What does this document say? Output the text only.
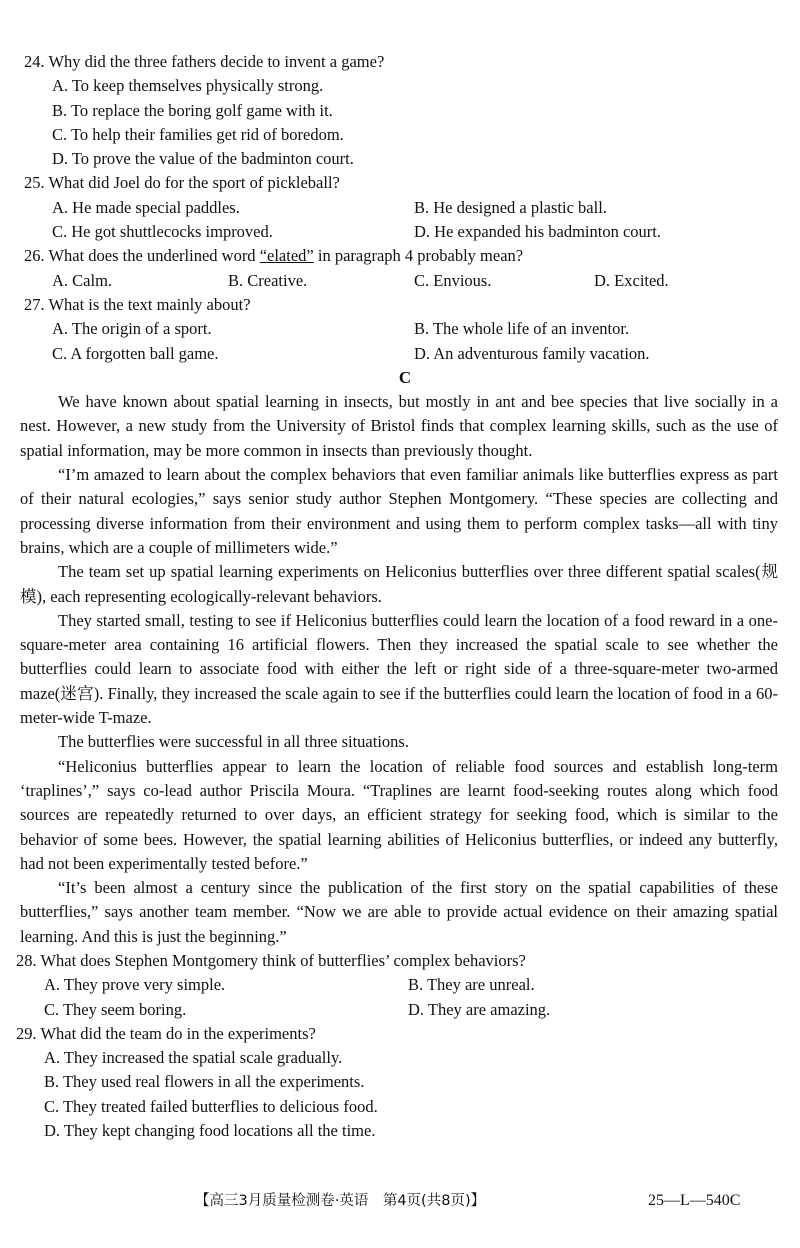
24. Why did the three fathers decide to invent a game?
A. To keep themselves physically strong.
B. To replace the boring golf game with it.
C. To help their families get rid of boredom.
D. To prove the value of the badminton court.
25. What did Joel do for the sport of pickleball?
A. He made special paddles.	B. He designed a plastic ball.
C. He got shuttlecocks improved.	D. He expanded his badminton court.
26. What does the underlined word “elated” in paragraph 4 probably mean?
A. Calm.	B. Creative.	C. Envious.	D. Excited.
27. What is the text mainly about?
A. The origin of a sport.	B. The whole life of an inventor.
C. A forgotten ball game.	D. An adventurous family vacation.
C
We have known about spatial learning in insects, but mostly in ant and bee species that live socially in a nest. However, a new study from the University of Bristol finds that complex learning skills, such as the use of spatial information, may be more common in insects than previously thought.
“I’m amazed to learn about the complex behaviors that even familiar animals like butterflies express as part of their natural ecologies,” says senior study author Stephen Montgomery. “These species are collecting and processing diverse information from their environment and using them to perform complex tasks—all with tiny brains, which are a couple of millimeters wide.”
The team set up spatial learning experiments on Heliconius butterflies over three different spatial scales(规模), each representing ecologically-relevant behaviors.
They started small, testing to see if Heliconius butterflies could learn the location of a food reward in a one-square-meter area containing 16 artificial flowers. Then they increased the spatial scale to see whether the butterflies could learn to associate food with either the left or right side of a three-square-meter two-armed maze(迷宫). Finally, they increased the scale again to see if the butterflies could learn the location of food in a 60-meter-wide T-maze.
The butterflies were successful in all three situations.
“Heliconius butterflies appear to learn the location of reliable food sources and establish long-term ‘traplines’,” says co-lead author Priscila Moura. “Traplines are learnt food-seeking routes along which food sources are repeatedly returned to over days, an efficient strategy for seeking food, which is similar to the behavior of some bees. However, the spatial learning abilities of Heliconius butterflies, or indeed any butterfly, had not been experimentally tested before.”
“It’s been almost a century since the publication of the first story on the spatial capabilities of these butterflies,” says another team member. “Now we are able to provide actual evidence on their amazing spatial learning. And this is just the beginning.”
28. What does Stephen Montgomery think of butterflies’ complex behaviors?
A. They prove very simple.	B. They are unreal.
C. They seem boring.	D. They are amazing.
29. What did the team do in the experiments?
A. They increased the spatial scale gradually.
B. They used real flowers in all the experiments.
C. They treated failed butterflies to delicious food.
D. They kept changing food locations all the time.
【高三3月质量检测卷·英语　第4页(共8页)】	25—L—540C
